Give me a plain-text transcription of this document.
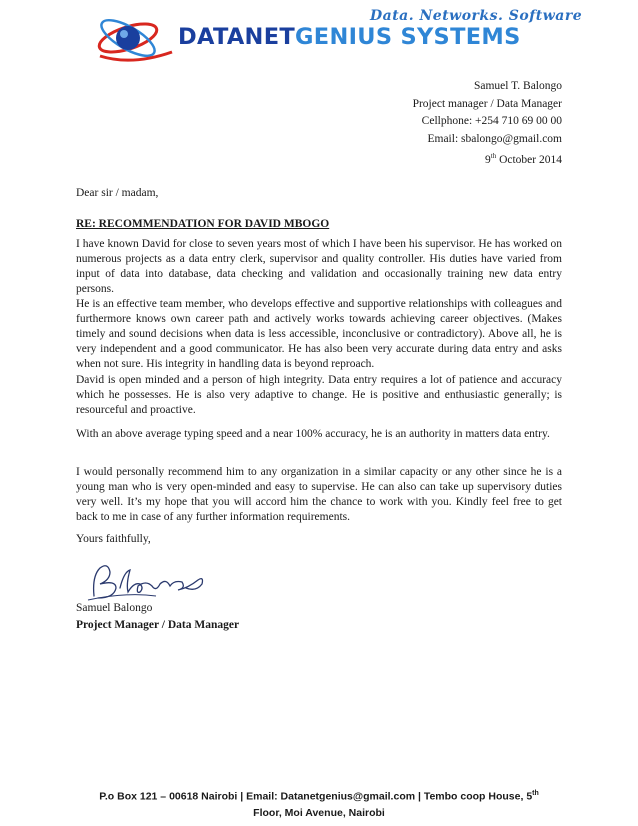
Data. Networks. Software
DATANETGENIUS SYSTEMS
Samuel T. Balongo
Project manager / Data Manager
Cellphone: +254 710 69 00 00
Email: sbalongo@gmail.com
9th October 2014
Dear sir / madam,
RE: RECOMMENDATION FOR DAVID MBOGO

I have known David for close to seven years most of which I have been his supervisor. He has worked on numerous projects as a data entry clerk, supervisor and quality controller. His duties have varied from input of data into database, data checking and validation and occasionally training new data entry persons.

He is an effective team member, who develops effective and supportive relationships with colleagues and furthermore knows own career path and actively works towards achieving career objectives. (Makes timely and sound decisions when data is less accessible, inconclusive or contradictory). Above all, he is very independent and a good communicator. He has also been very accurate during data entry and asks when not sure. His integrity in handling data is beyond reproach.

David is open minded and a person of high integrity. Data entry requires a lot of patience and accuracy which he possesses. He is also very adaptive to change. He is positive and enthusiastic generally; is resourceful and proactive.

With an above average typing speed and a near 100% accuracy, he is an authority in matters data entry.

I would personally recommend him to any organization in a similar capacity or any other since he is a young man who is very open-minded and easy to supervise. He can also can take up supervisory duties very well. It’s my hope that you will accord him the chance to work with you. Kindly feel free to get back to me in case of any further information requirements.

Yours faithfully,
Samuel Balongo
Project Manager / Data Manager
P.o Box 121 – 00618 Nairobi | Email: Datanetgenius@gmail.com | Tembo coop House, 5th
Floor, Moi Avenue, Nairobi
